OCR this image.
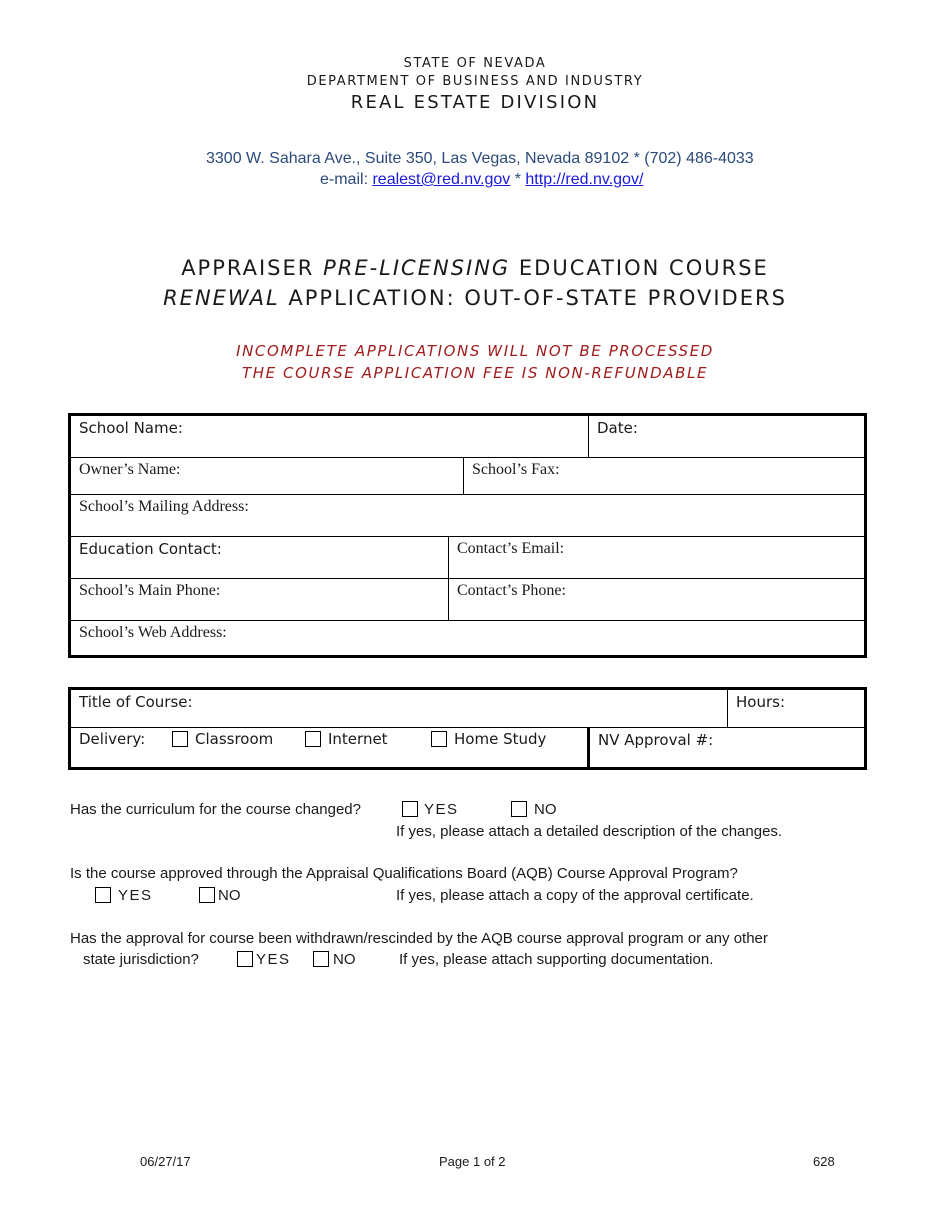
STATE OF NEVADA
DEPARTMENT OF BUSINESS AND INDUSTRY
REAL ESTATE DIVISION
3300 W. Sahara Ave., Suite 350, Las Vegas, Nevada 89102 * (702) 486-4033
e-mail: realest@red.nv.gov * http://red.nv.gov/
APPRAISER PRE-LICENSING EDUCATION COURSE
RENEWAL APPLICATION: OUT-OF-STATE PROVIDERS
INCOMPLETE APPLICATIONS WILL NOT BE PROCESSED
THE COURSE APPLICATION FEE IS NON-REFUNDABLE
School Name:	Date:
Owner’s Name:	School’s Fax:
School’s Mailing Address:
Education Contact:	Contact’s Email:
School’s Main Phone:	Contact’s Phone:
School’s Web Address:
Title of Course:	Hours:
Delivery:	Classroom	Internet	Home Study	NV Approval #:
Has the curriculum for the course changed?	YES	NO
If yes, please attach a detailed description of the changes.
Is the course approved through the Appraisal Qualifications Board (AQB) Course Approval Program?
YES	NO	If yes, please attach a copy of the approval certificate.
Has the approval for course been withdrawn/rescinded by the AQB course approval program or any other
state jurisdiction?	YES	NO	If yes, please attach supporting documentation.
06/27/17	Page 1 of 2	628
